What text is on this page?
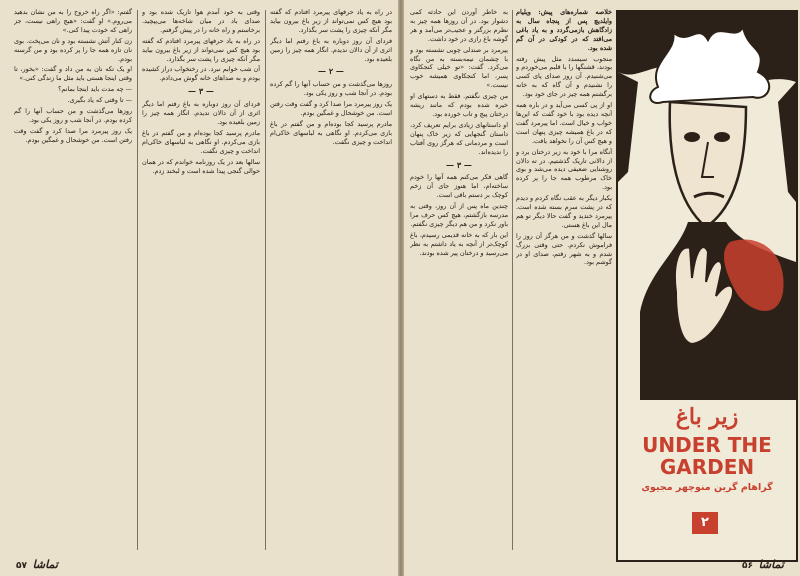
گفتم: «اگر راه خروج را به من نشان بدهید می‌روم.» او گفت: «هیچ راهی نیست، جز راهی که خودت پیدا کنی.»

زن کنار آتش نشسته بود و نان می‌پخت. بوی نان تازه همه جا را پر کرده بود و من گرسنه بودم.

او یک تکه نان به من داد و گفت: «بخور، تا وقتی اینجا هستی باید مثل ما زندگی کنی.»

— چه مدت باید اینجا بمانم؟

— تا وقتی که یاد بگیری.

روزها می‌گذشت و من حساب آنها را گم کرده بودم. در آنجا شب و روز یکی بود.

یک روز پیرمرد مرا صدا کرد و گفت وقت رفتن است. من خوشحال و غمگین بودم.

وقتی به خود آمدم هوا تاریک شده بود و صدای باد در میان شاخه‌ها می‌پیچید. برخاستم و راه خانه را در پیش گرفتم.

در راه به یاد حرفهای پیرمرد افتادم که گفته بود هیچ کس نمی‌تواند از زیر باغ بیرون بیاید مگر آنکه چیزی را پشت سر بگذارد.

آن شب خوابم نبرد. در رختخواب دراز کشیده بودم و به صداهای خانه گوش می‌دادم.

— ۳ —

فردای آن روز دوباره به باغ رفتم اما دیگر اثری از آن دالان ندیدم. انگار همه چیز را زمین بلعیده بود.

مادرم پرسید کجا بوده‌ام و من گفتم در باغ بازی می‌کردم. او نگاهی به لباسهای خاکی‌ام انداخت و چیزی نگفت.

سالها بعد در یک روزنامه خواندم که در همان حوالی گنجی پیدا شده است و لبخند زدم.

در راه به یاد حرفهای پیرمرد افتادم که گفته بود هیچ کس نمی‌تواند از زیر باغ بیرون بیاید مگر آنکه چیزی را پشت سر بگذارد.

فردای آن روز دوباره به باغ رفتم اما دیگر اثری از آن دالان ندیدم. انگار همه چیز را زمین بلعیده بود.

— ۲ —

روزها می‌گذشت و من حساب آنها را گم کرده بودم. در آنجا شب و روز یکی بود.

یک روز پیرمرد مرا صدا کرد و گفت وقت رفتن است. من خوشحال و غمگین بودم.

مادرم پرسید کجا بوده‌ام و من گفتم در باغ بازی می‌کردم. او نگاهی به لباسهای خاکی‌ام انداخت و چیزی نگفت.

تماشا ۵۷

به خاطر آوردن این حادثه کمی دشوار بود. در آن روزها همه چیز به نظرم بزرگتر و عجیب‌تر می‌آمد و هر گوشه باغ رازی در خود داشت.

پیرمرد بر صندلی چوبی نشسته بود و با چشمان نیمه‌بسته به من نگاه می‌کرد. گفت: «تو خیلی کنجکاوی پسر، اما کنجکاوی همیشه خوب نیست.»

من چیزی نگفتم. فقط به دستهای او خیره شده بودم که مانند ریشه درختان پیچ و تاب خورده بود.

او داستانهای زیادی برایم تعریف کرد، داستان گنجهایی که زیر خاک پنهان است و مردمانی که هرگز روی آفتاب را ندیده‌اند.

— ۳ —

گاهی فکر می‌کنم همه آنها را خودم ساخته‌ام، اما هنوز جای آن زخم کوچک بر دستم باقی است.

چندین ماه پس از آن روز، وقتی به مدرسه بازگشتم، هیچ کس حرف مرا باور نکرد و من هم دیگر چیزی نگفتم.

این بار که به خانه قدیمی رسیدم، باغ کوچک‌تر از آنچه به یاد داشتم به نظر می‌رسید و درختان پیر شده بودند.

خلاصه شماره‌های پیش: ویلیام وایلدیچ پس از پنجاه سال به زادگاهش بازمی‌گردد و به یاد باغی می‌افتد که در کودکی در آن گم شده بود.

منجوب سیسدد مثل پیش رفته بودند، قشنگها را با قلبم می‌خوردم و می‌شنیدم. آن روز صدای پای کسی را نشنیدم و آن گاه که به خانه برگشتم همه چیز در جای خود بود.

او از پی کسی می‌آید و در باره همه آنچه دیده بود با خود گفت که این‌ها خواب و خیال است. اما پیرمرد گفت که در باغ همیشه چیزی پنهان است و هیچ کس آن را نخواهد یافت.

آنگاه مرا با خود به زیر درختان برد و از دالانی تاریک گذشتیم. در ته دالان روشنایی ضعیفی دیده می‌شد و بوی خاک مرطوب همه جا را پر کرده بود.

یکبار دیگر به عقب نگاه کردم و دیدم که در پشت سرم بسته شده است. پیرمرد خندید و گفت حالا دیگر تو هم مال این باغ هستی.

سالها گذشت و من هرگز آن روز را فراموش نکردم. حتی وقتی بزرگ شدم و به شهر رفتم، صدای او در گوشم بود.

⌇
زیر باغ
UNDER THE GARDEN
گراهام گرین منوچهر مجیوی
۲
۵۶ تماشا
